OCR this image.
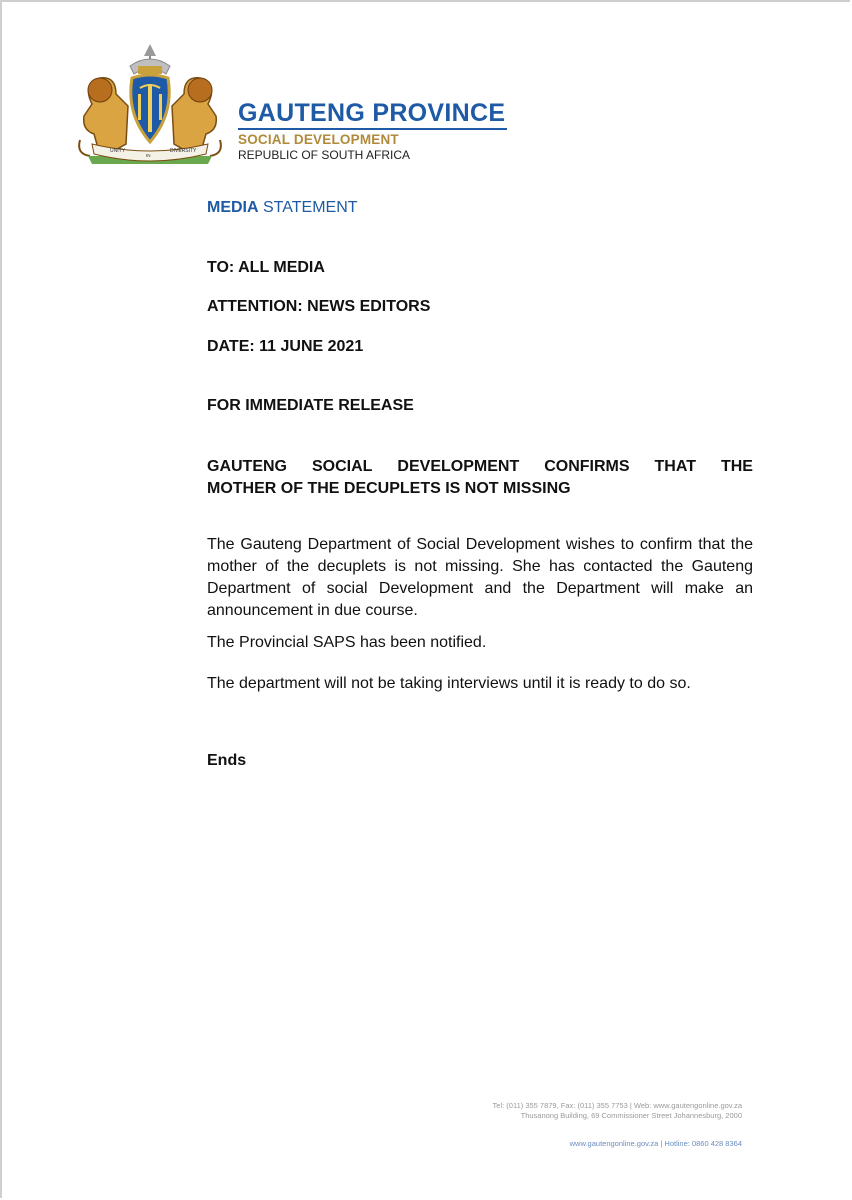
UNITY
IN
DIVERSITY
GAUTENG PROVINCE
SOCIAL DEVELOPMENT
REPUBLIC OF SOUTH AFRICA
MEDIA STATEMENT
TO: ALL MEDIA
ATTENTION: NEWS EDITORS
DATE: 11 JUNE 2021
FOR IMMEDIATE RELEASE
GAUTENG SOCIAL DEVELOPMENT CONFIRMS THAT THE
MOTHER OF THE DECUPLETS IS NOT MISSING
The Gauteng Department of Social Development wishes to confirm that the mother of the decuplets is not missing. She has contacted the Gauteng Department of social Development and the Department will make an announcement in due course.
The Provincial SAPS has been notified.
The department will not be taking interviews until it is ready to do so.
Ends
Tel: (011) 355 7879, Fax: (011) 355 7753 | Web: www.gautengonline.gov.za
Thusanong Building, 69 Commissioner Street Johannesburg, 2000
www.gautengonline.gov.za | Hotline: 0860 428 8364
